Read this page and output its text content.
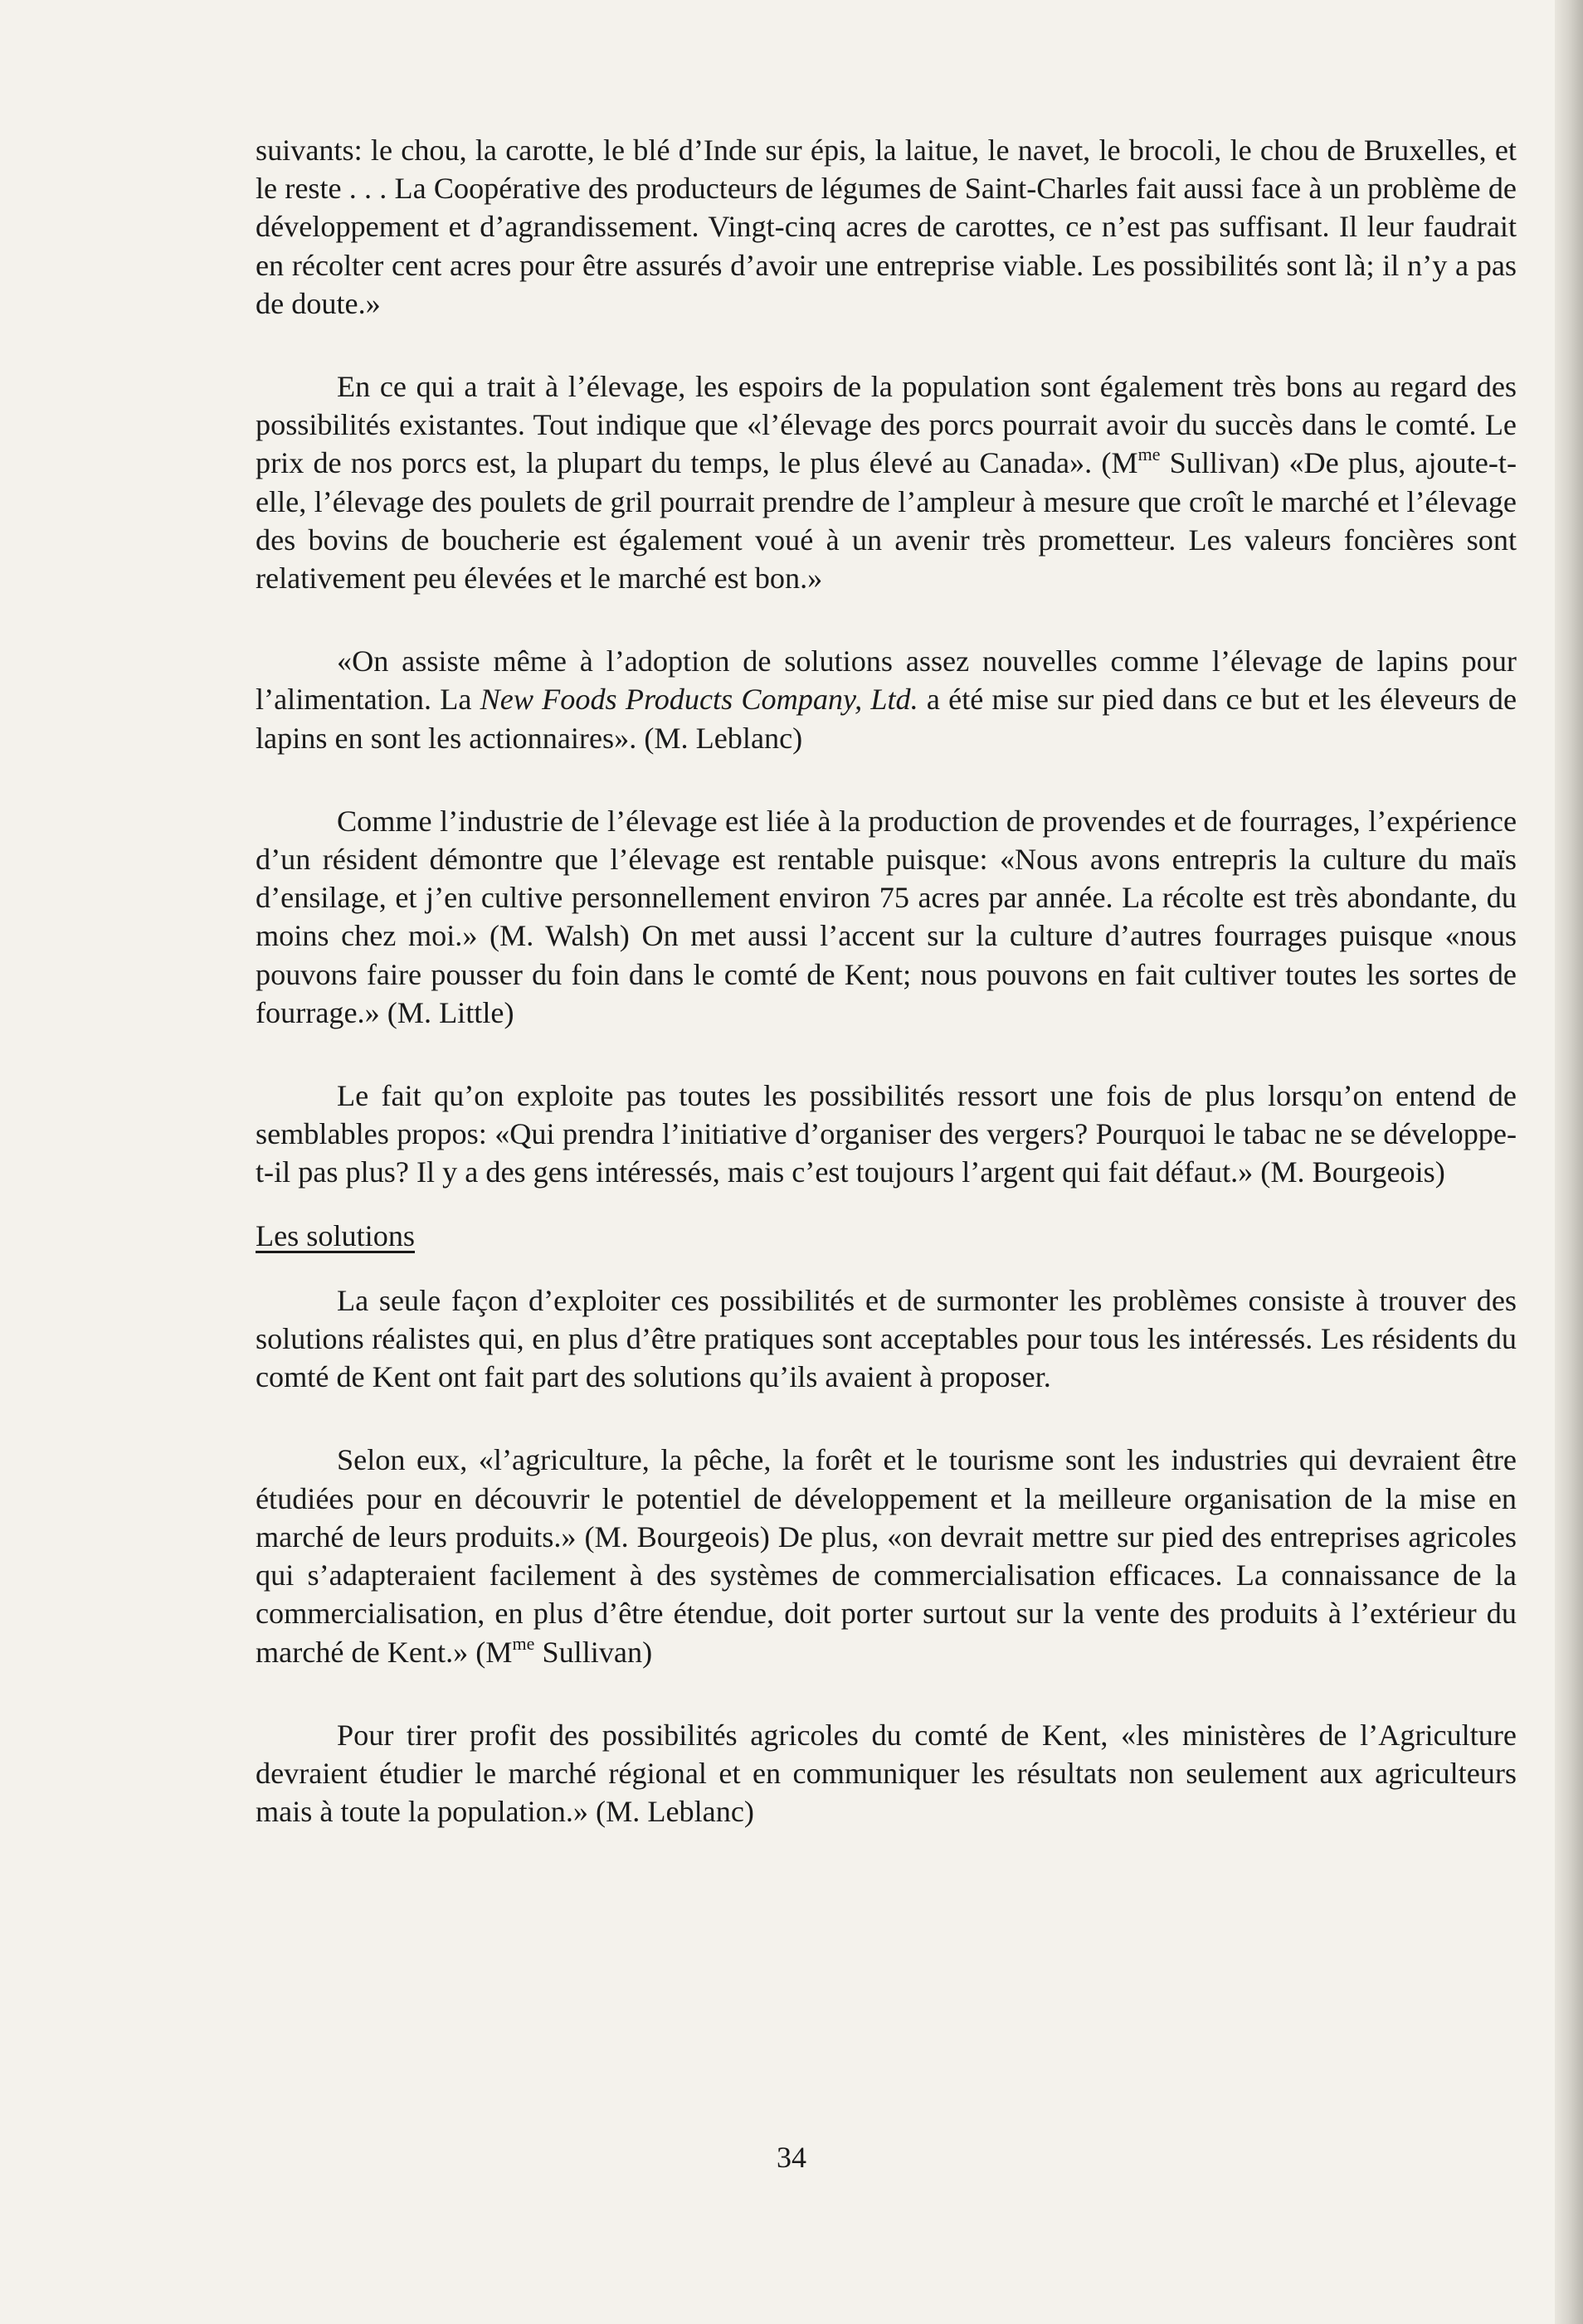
suivants: le chou, la carotte, le blé d’Inde sur épis, la laitue, le navet, le brocoli, le chou de Bruxelles, et le reste . . . La Coopérative des producteurs de légumes de Saint-Charles fait aussi face à un problème de développement et d’agrandissement. Vingt-cinq acres de carottes, ce n’est pas suffisant. Il leur faudrait en récolter cent acres pour être assurés d’avoir une entreprise viable. Les possibilités sont là; il n’y a pas de doute.»

En ce qui a trait à l’élevage, les espoirs de la population sont également très bons au regard des possibilités existantes. Tout indique que «l’élevage des porcs pourrait avoir du succès dans le comté. Le prix de nos porcs est, la plupart du temps, le plus élevé au Canada». ($M^{me}$ Sullivan) «De plus, ajoute-t-elle, l’élevage des poulets de gril pourrait prendre de l’ampleur à mesure que croît le marché et l’élevage des bovins de boucherie est également voué à un avenir très prometteur. Les valeurs foncières sont relativement peu élevées et le marché est bon.»

«On assiste même à l’adoption de solutions assez nouvelles comme l’élevage de lapins pour l’alimentation. La New Foods Products Company, Ltd. a été mise sur pied dans ce but et les éleveurs de lapins en sont les actionnaires». (M. Leblanc)

Comme l’industrie de l’élevage est liée à la production de provendes et de fourrages, l’expérience d’un résident démontre que l’élevage est rentable puisque: «Nous avons entrepris la culture du maïs d’ensilage, et j’en cultive personnellement environ 75 acres par année. La récolte est très abondante, du moins chez moi.» (M. Walsh) On met aussi l’accent sur la culture d’autres fourrages puisque «nous pouvons faire pousser du foin dans le comté de Kent; nous pouvons en fait cultiver toutes les sortes de fourrage.» (M. Little)

Le fait qu’on exploite pas toutes les possibilités ressort une fois de plus lorsqu’on entend de semblables propos: «Qui prendra l’initiative d’organiser des vergers? Pourquoi le tabac ne se développe-t-il pas plus? Il y a des gens intéressés, mais c’est toujours l’argent qui fait défaut.» (M. Bourgeois)

Les solutions

La seule façon d’exploiter ces possibilités et de surmonter les problèmes consiste à trouver des solutions réalistes qui, en plus d’être pratiques sont acceptables pour tous les intéressés. Les résidents du comté de Kent ont fait part des solutions qu’ils avaient à proposer.

Selon eux, «l’agriculture, la pêche, la forêt et le tourisme sont les industries qui devraient être étudiées pour en découvrir le potentiel de développement et la meilleure organisation de la mise en marché de leurs produits.» (M. Bourgeois) De plus, «on devrait mettre sur pied des entreprises agricoles qui s’adapteraient facilement à des systèmes de commercialisation efficaces. La connaissance de la commercialisation, en plus d’être étendue, doit porter surtout sur la vente des produits à l’extérieur du marché de Kent.» ($M^{me}$ Sullivan)

Pour tirer profit des possibilités agricoles du comté de Kent, «les ministères de l’Agriculture devraient étudier le marché régional et en communiquer les résultats non seulement aux agriculteurs mais à toute la population.» (M. Leblanc)

34
